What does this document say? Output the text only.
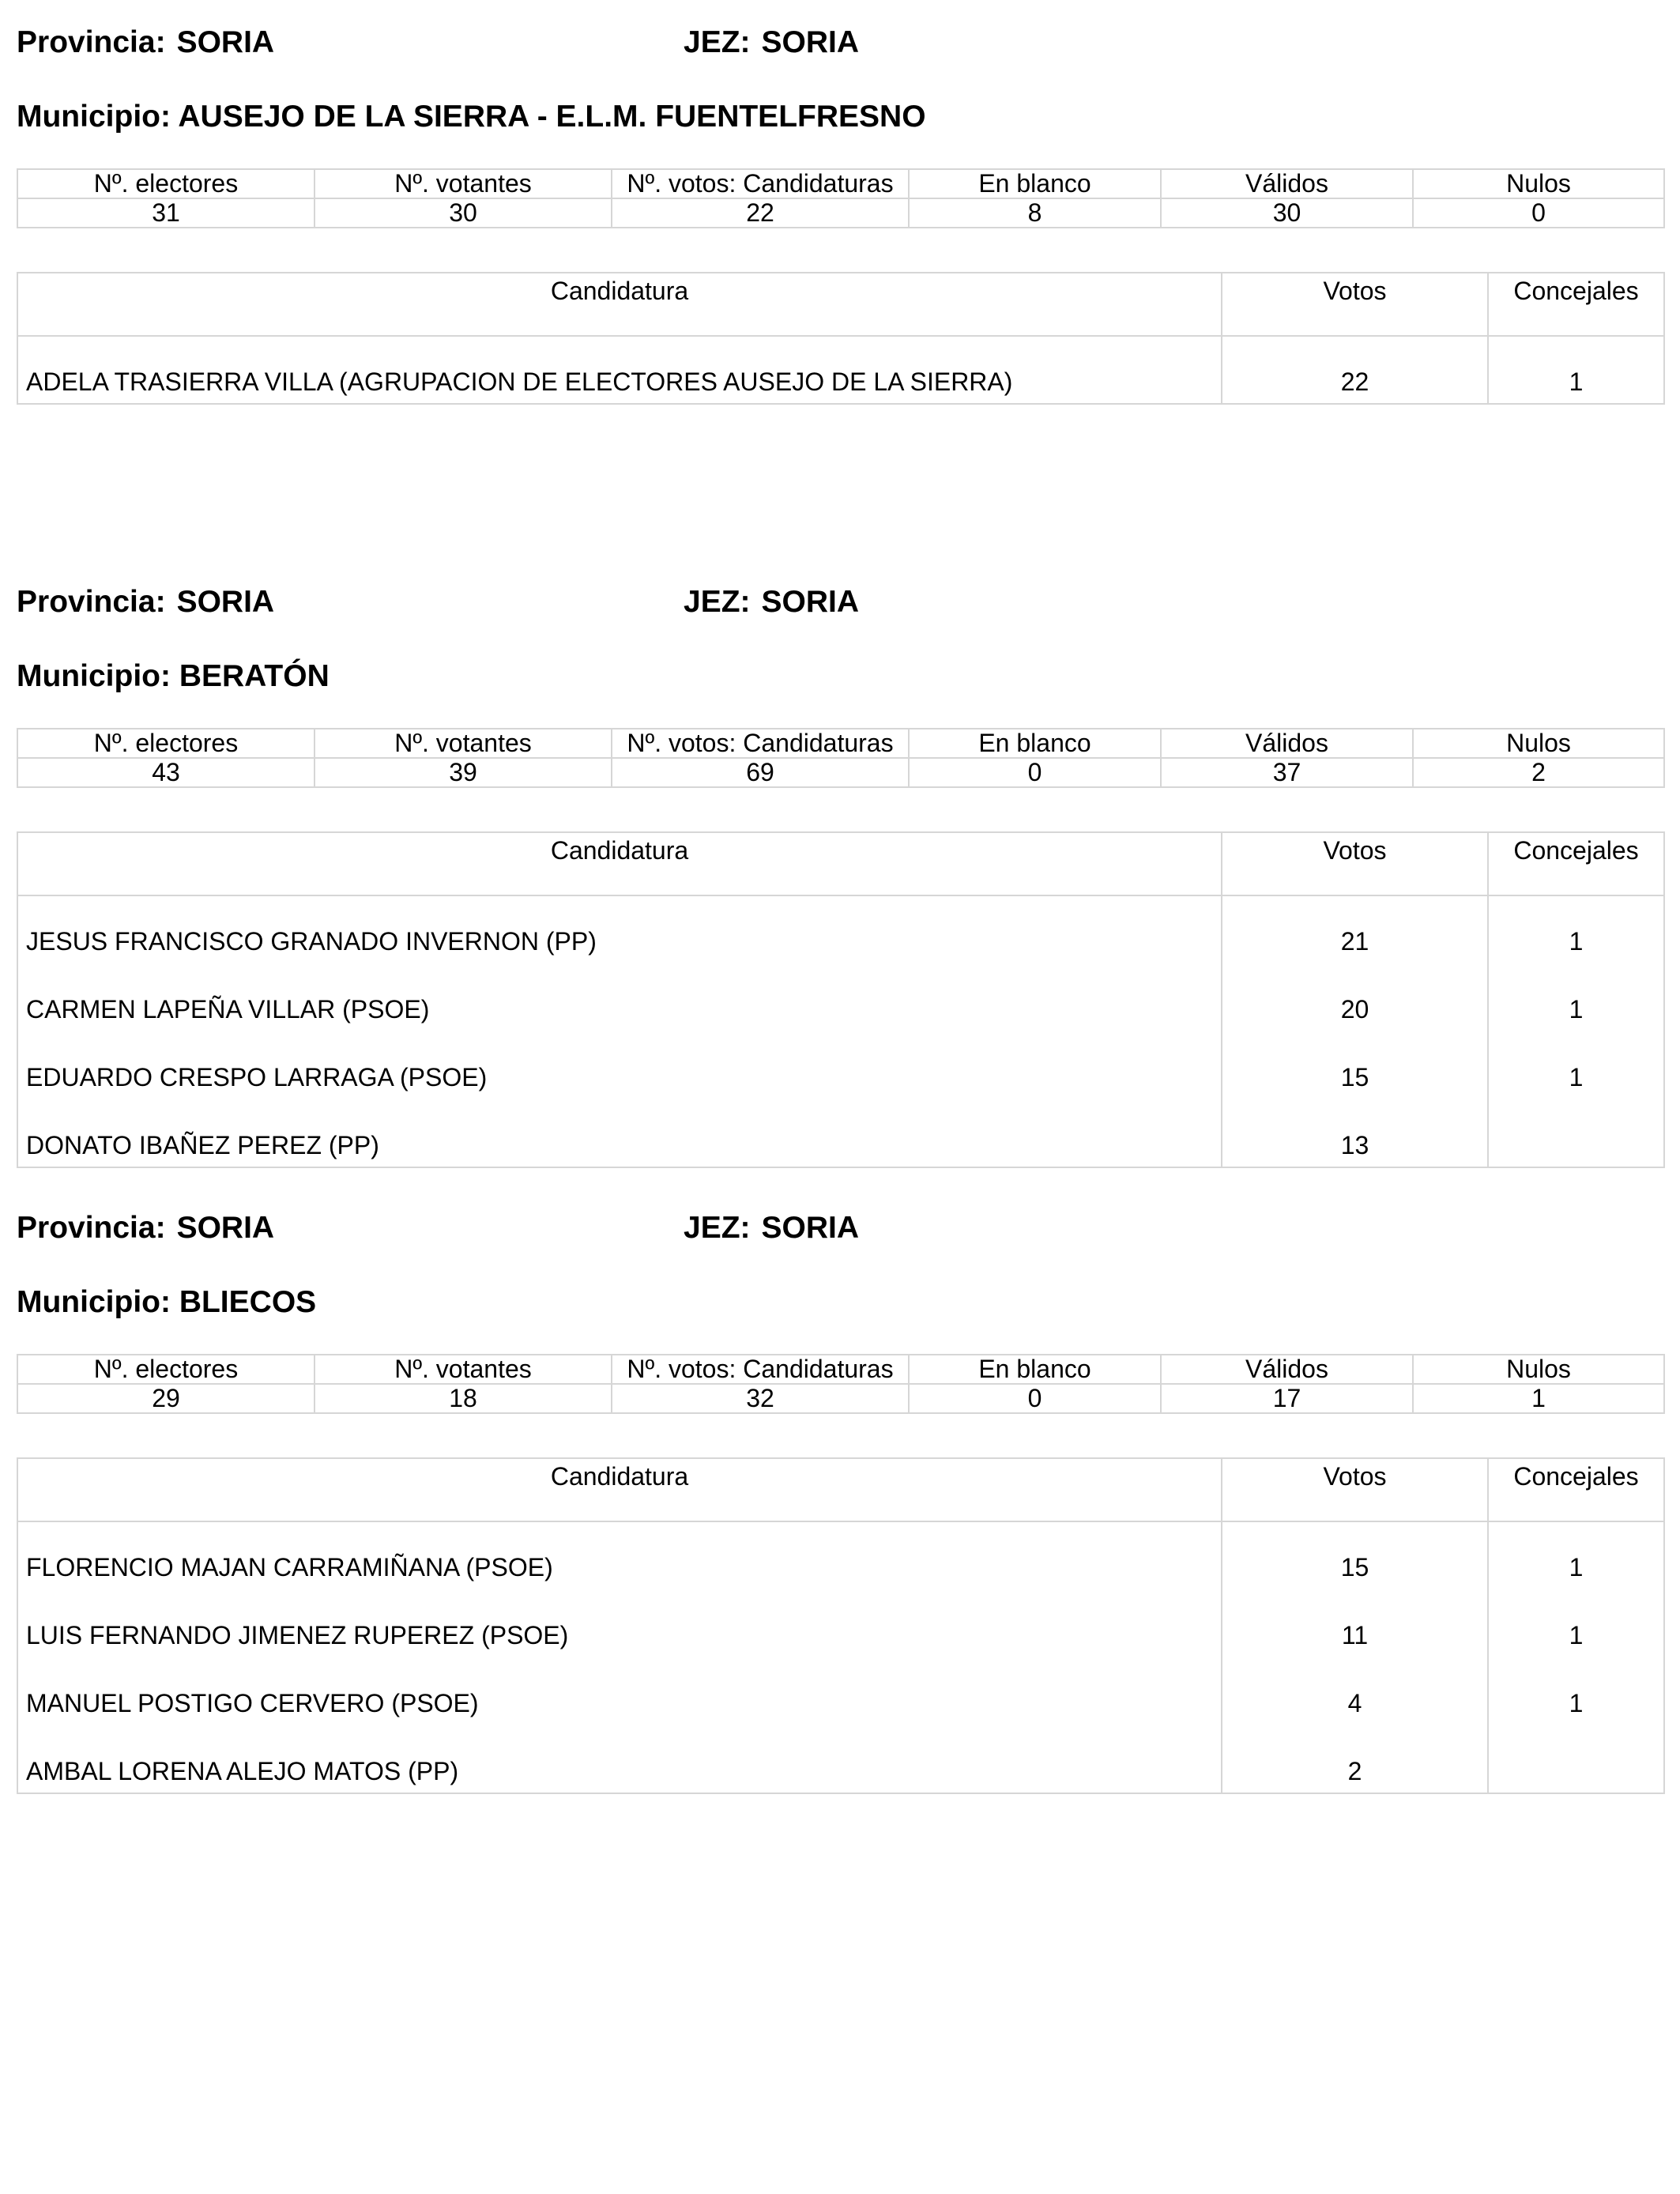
Provincia: SORIA	JEZ: SORIA
Municipio: AUSEJO DE LA SIERRA - E.L.M. FUENTELFRESNO
Nº. electores	Nº. votantes	Nº. votos: Candidaturas	En blanco	Válidos	Nulos
31	30	22	8	30	0
Candidatura	Votos	Concejales
ADELA TRASIERRA VILLA (AGRUPACION DE ELECTORES AUSEJO DE LA SIERRA)	22	1
Provincia: SORIA	JEZ: SORIA
Municipio: BERATÓN
Nº. electores	Nº. votantes	Nº. votos: Candidaturas	En blanco	Válidos	Nulos
43	39	69	0	37	2
Candidatura	Votos	Concejales
JESUS FRANCISCO GRANADO INVERNON (PP)	21	1
CARMEN LAPEÑA VILLAR (PSOE)	20	1
EDUARDO CRESPO LARRAGA (PSOE)	15	1
DONATO IBAÑEZ PEREZ (PP)	13	
Provincia: SORIA	JEZ: SORIA
Municipio: BLIECOS
Nº. electores	Nº. votantes	Nº. votos: Candidaturas	En blanco	Válidos	Nulos
29	18	32	0	17	1
Candidatura	Votos	Concejales
FLORENCIO MAJAN CARRAMIÑANA (PSOE)	15	1
LUIS FERNANDO JIMENEZ RUPEREZ (PSOE)	11	1
MANUEL POSTIGO CERVERO (PSOE)	4	1
AMBAL LORENA ALEJO MATOS (PP)	2	
